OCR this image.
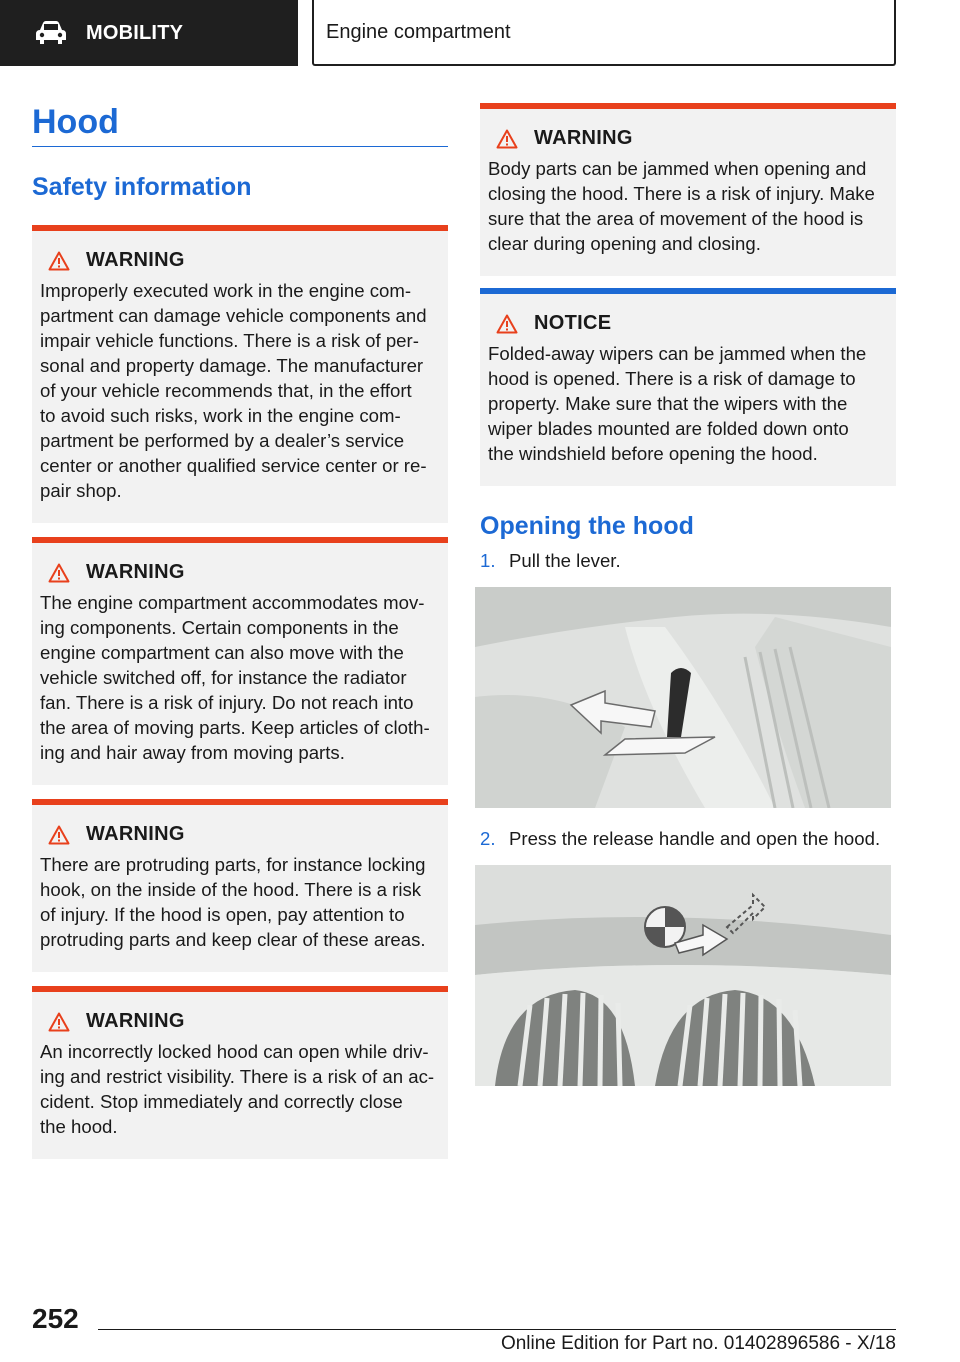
MOBILITY	Engine compartment
Hood
Safety information
WARNING
Improperly executed work in the engine com-
partment can damage vehicle components and
impair vehicle functions. There is a risk of per-
sonal and property damage. The manufacturer
of your vehicle recommends that, in the effort
to avoid such risks, work in the engine com-
partment be performed by a dealer’s service
center or another qualified service center or re-
pair shop.
WARNING
The engine compartment accommodates mov-
ing components. Certain components in the
engine compartment can also move with the
vehicle switched off, for instance the radiator
fan. There is a risk of injury. Do not reach into
the area of moving parts. Keep articles of cloth-
ing and hair away from moving parts.
WARNING
There are protruding parts, for instance locking
hook, on the inside of the hood. There is a risk
of injury. If the hood is open, pay attention to
protruding parts and keep clear of these areas.
WARNING
An incorrectly locked hood can open while driv-
ing and restrict visibility. There is a risk of an ac-
cident. Stop immediately and correctly close
the hood.
WARNING
Body parts can be jammed when opening and
closing the hood. There is a risk of injury. Make
sure that the area of movement of the hood is
clear during opening and closing.
NOTICE
Folded-away wipers can be jammed when the
hood is opened. There is a risk of damage to
property. Make sure that the wipers with the
wiper blades mounted are folded down onto
the windshield before opening the hood.
Opening the hood
1. Pull the lever.
2. Press the release handle and open the hood.
252
Online Edition for Part no. 01402896586 - X/18
